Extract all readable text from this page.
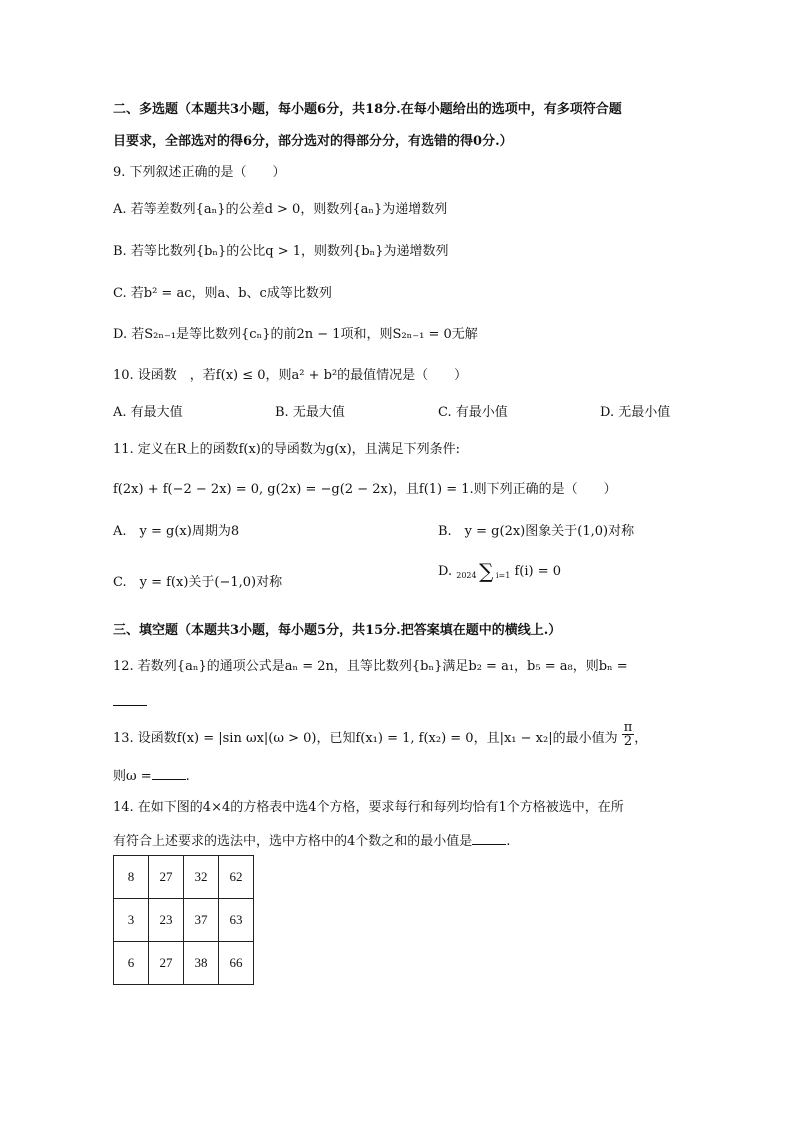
二、多选题（本题共3小题，每小题6分，共18分.在每小题给出的选项中，有多项符合题
目要求，全部选对的得6分，部分选对的得部分分，有选错的得0分.）
9. 下列叙述正确的是（　　）
A. 若等差数列{aₙ}的公差d > 0，则数列{aₙ}为递增数列
B. 若等比数列{bₙ}的公比q > 1，则数列{bₙ}为递增数列
C. 若b² = ac，则a、b、c成等比数列
D. 若S₂ₙ₋₁是等比数列{cₙ}的前2n − 1项和，则S₂ₙ₋₁ = 0无解
10. 设函数　，若f(x) ≤ 0，则a² + b²的最值情况是（　　）
A. 有最大值	B. 无最大值	C. 有最小值	D. 无最小值
11. 定义在R上的函数f(x)的导函数为g(x)，且满足下列条件:
f(2x) + f(−2 − 2x) = 0, g(2x) = −g(2 − 2x)，且f(1) = 1.则下列正确的是（　　）
A.　y = g(x)周期为8	B.　y = g(2x)图象关于(1,0)对称
C.　y = f(x)关于(−1,0)对称
D. 2024 ∑ i=1 f(i) = 0
三、填空题（本题共3小题，每小题5分，共15分.把答案填在题中的横线上.）
12. 若数列{aₙ}的通项公式是aₙ = 2n，且等比数列{bₙ}满足b₂ = a₁，b₅ = a₈，则bₙ =
13. 设函数f(x) = |sin ωx|(ω > 0)，已知f(x₁) = 1, f(x₂) = 0，且|x₁ − x₂|的最小值为 $\frac{\pi}{2}$ ，
则ω =	.
14. 在如下图的4×4的方格表中选4个方格，要求每行和每列均恰有1个方格被选中，在所
有符合上述要求的选法中，选中方格中的4个数之和的最小值是	.
8	27	32	62
3	23	37	63
6	27	38	66
